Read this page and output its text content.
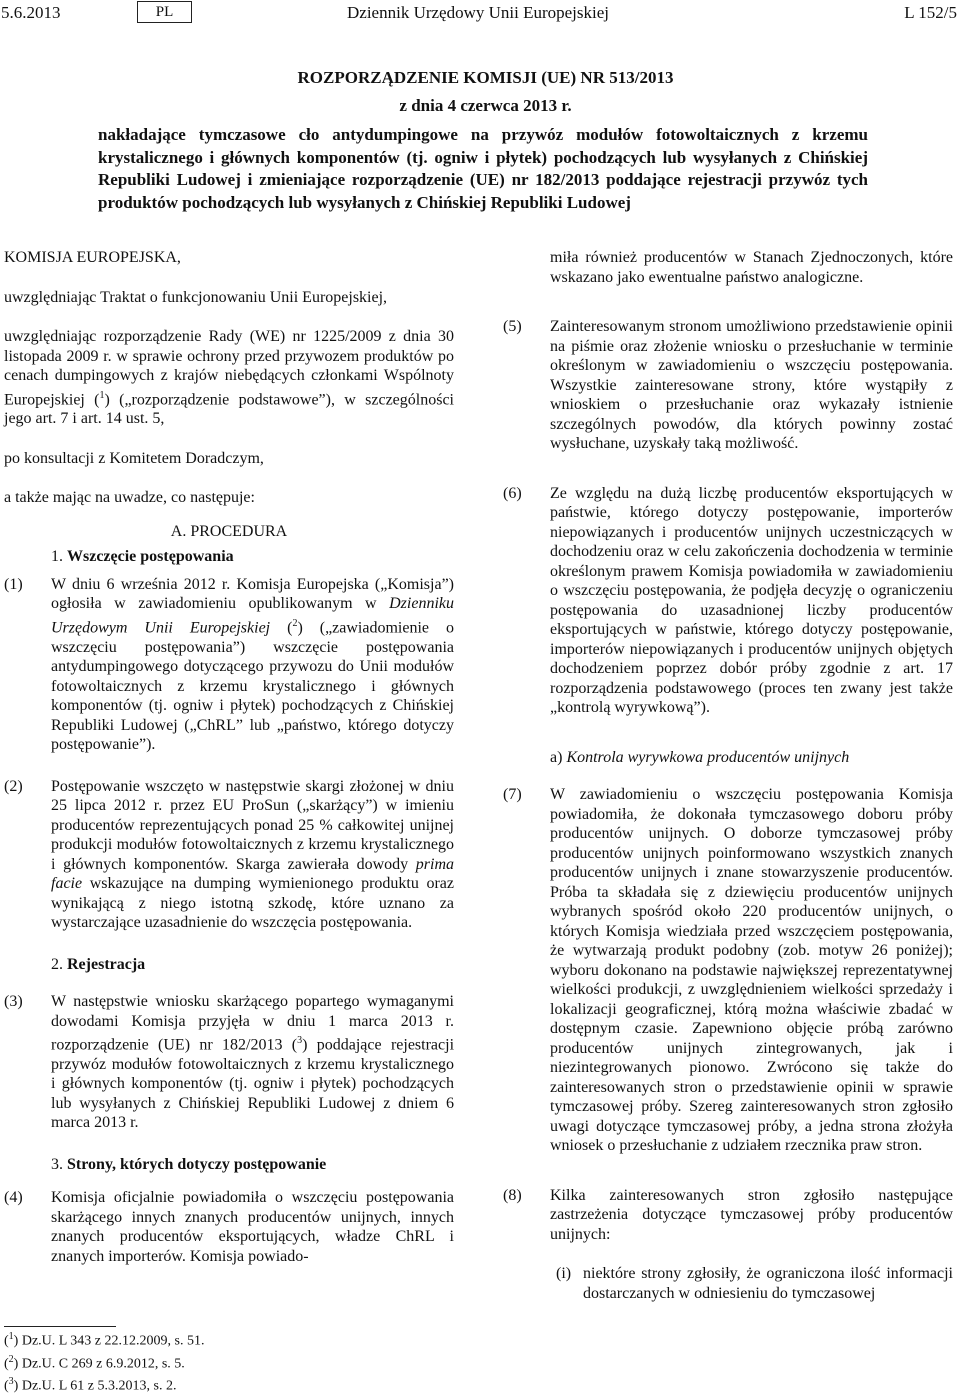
5.6.2013	PL	Dziennik Urzędowy Unii Europejskiej	L 152/5
ROZPORZĄDZENIE KOMISJI (UE) NR 513/2013
z dnia 4 czerwca 2013 r.
nakładające tymczasowe cło antydumpingowe na przywóz modułów fotowoltaicznych z krzemu krystalicznego i głównych komponentów (tj. ogniw i płytek) pochodzących lub wysyłanych z Chińskiej Republiki Ludowej i zmieniające rozporządzenie (UE) nr 182/2013 poddające rejestracji przywóz tych produktów pochodzących lub wysyłanych z Chińskiej Republiki Ludowej

KOMISJA EUROPEJSKA,

uwzględniając Traktat o funkcjonowaniu Unii Europejskiej,

uwzględniając rozporządzenie Rady (WE) nr 1225/2009 z dnia 30 listopada 2009 r. w sprawie ochrony przed przywozem produktów po cenach dumpingowych z krajów niebędących członkami Wspólnoty Europejskiej ($^1$) („rozporządzenie podstawowe”), w szczególności jego art. 7 i art. 14 ust. 5,

po konsultacji z Komitetem Doradczym,

a także mając na uwadze, co następuje:

A. PROCEDURA

1. Wszczęcie postępowania

(1) W dniu 6 września 2012 r. Komisja Europejska („Komisja”) ogłosiła w zawiadomieniu opublikowanym w Dzienniku Urzędowym Unii Europejskiej ($^2$) („zawiadomienie o wszczęciu postępowania”) wszczęcie postępowania antydumpingowego dotyczącego przywozu do Unii modułów fotowoltaicznych z krzemu krystalicznego i głównych komponentów (tj. ogniw i płytek) pochodzących z Chińskiej Republiki Ludowej („ChRL” lub „państwo, którego dotyczy postępowanie”).
(2) Postępowanie wszczęto w następstwie skargi złożonej w dniu 25 lipca 2012 r. przez EU ProSun („skarżący”) w imieniu producentów reprezentujących ponad 25 % całkowitej unijnej produkcji modułów fotowoltaicznych z krzemu krystalicznego i głównych komponentów. Skarga zawierała dowody prima facie wskazujące na dumping wymienionego produktu oraz wynikającą z niego istotną szkodę, które uznano za wystarczające uzasadnienie do wszczęcia postępowania.

2. Rejestracja

(3) W następstwie wniosku skarżącego popartego wymaganymi dowodami Komisja przyjęła w dniu 1 marca 2013 r. rozporządzenie (UE) nr 182/2013 ($^3$) poddające rejestracji przywóz modułów fotowoltaicznych z krzemu krystalicznego i głównych komponentów (tj. ogniw i płytek) pochodzących lub wysyłanych z Chińskiej Republiki Ludowej z dniem 6 marca 2013 r.

3. Strony, których dotyczy postępowanie

(4) Komisja oficjalnie powiadomiła o wszczęciu postępowania skarżącego innych znanych producentów unijnych, innych znanych producentów eksportujących, władze ChRL i znanych importerów. Komisja powiado-
miła również producentów w Stanach Zjednoczonych, które wskazano jako ewentualne państwo analogiczne.
(5) Zainteresowanym stronom umożliwiono przedstawienie opinii na piśmie oraz złożenie wniosku o przesłuchanie w terminie określonym w zawiadomieniu o wszczęciu postępowania. Wszystkie zainteresowane strony, które wystąpiły z wnioskiem o przesłuchanie oraz wykazały istnienie szczególnych powodów, dla których powinny zostać wysłuchane, uzyskały taką możliwość.
(6) Ze względu na dużą liczbę producentów eksportujących w państwie, którego dotyczy postępowanie, importerów niepowiązanych i producentów unijnych uczestniczących w dochodzeniu oraz w celu zakończenia dochodzenia w terminie określonym prawem Komisja powiadomiła w zawiadomieniu o wszczęciu postępowania, że podjęła decyzję o ograniczeniu postępowania do uzasadnionej liczby producentów eksportujących w państwie, którego dotyczy postępowanie, importerów niepowiązanych i producentów unijnych objętych dochodzeniem poprzez dobór próby zgodnie z art. 17 rozporządzenia podstawowego (proces ten zwany jest także „kontrolą wyrywkową”).

a) Kontrola wyrywkowa producentów unijnych

(7) W zawiadomieniu o wszczęciu postępowania Komisja powiadomiła, że dokonała tymczasowego doboru próby producentów unijnych. O doborze tymczasowej próby producentów unijnych poinformowano wszystkich znanych producentów unijnych i znane stowarzyszenie producentów. Próba ta składała się z dziewięciu producentów unijnych wybranych spośród około 220 producentów unijnych, o których Komisja wiedziała przed wszczęciem postępowania, że wytwarzają produkt podobny (zob. motyw 26 poniżej); wyboru dokonano na podstawie największej reprezentatywnej wielkości produkcji, z uwzględnieniem wielkości sprzedaży i lokalizacji geograficznej, którą można właściwie zbadać w dostępnym czasie. Zapewniono objęcie próbą zarówno producentów unijnych zintegrowanych, jak i niezintegrowanych pionowo. Zwrócono się także do zainteresowanych stron o przedstawienie opinii w sprawie tymczasowej próby. Szereg zainteresowanych stron zgłosiło uwagi dotyczące tymczasowej próby, a jedna strona złożyła wniosek o przesłuchanie z udziałem rzecznika praw stron.
(8) Kilka zainteresowanych stron zgłosiło następujące zastrzeżenia dotyczące tymczasowej próby producentów unijnych:
(i) niektóre strony zgłosiły, że ograniczona ilość informacji dostarczanych w odniesieniu do tymczasowej
($^1$) Dz.U. L 343 z 22.12.2009, s. 51.
($^2$) Dz.U. C 269 z 6.9.2012, s. 5.
($^3$) Dz.U. L 61 z 5.3.2013, s. 2.
